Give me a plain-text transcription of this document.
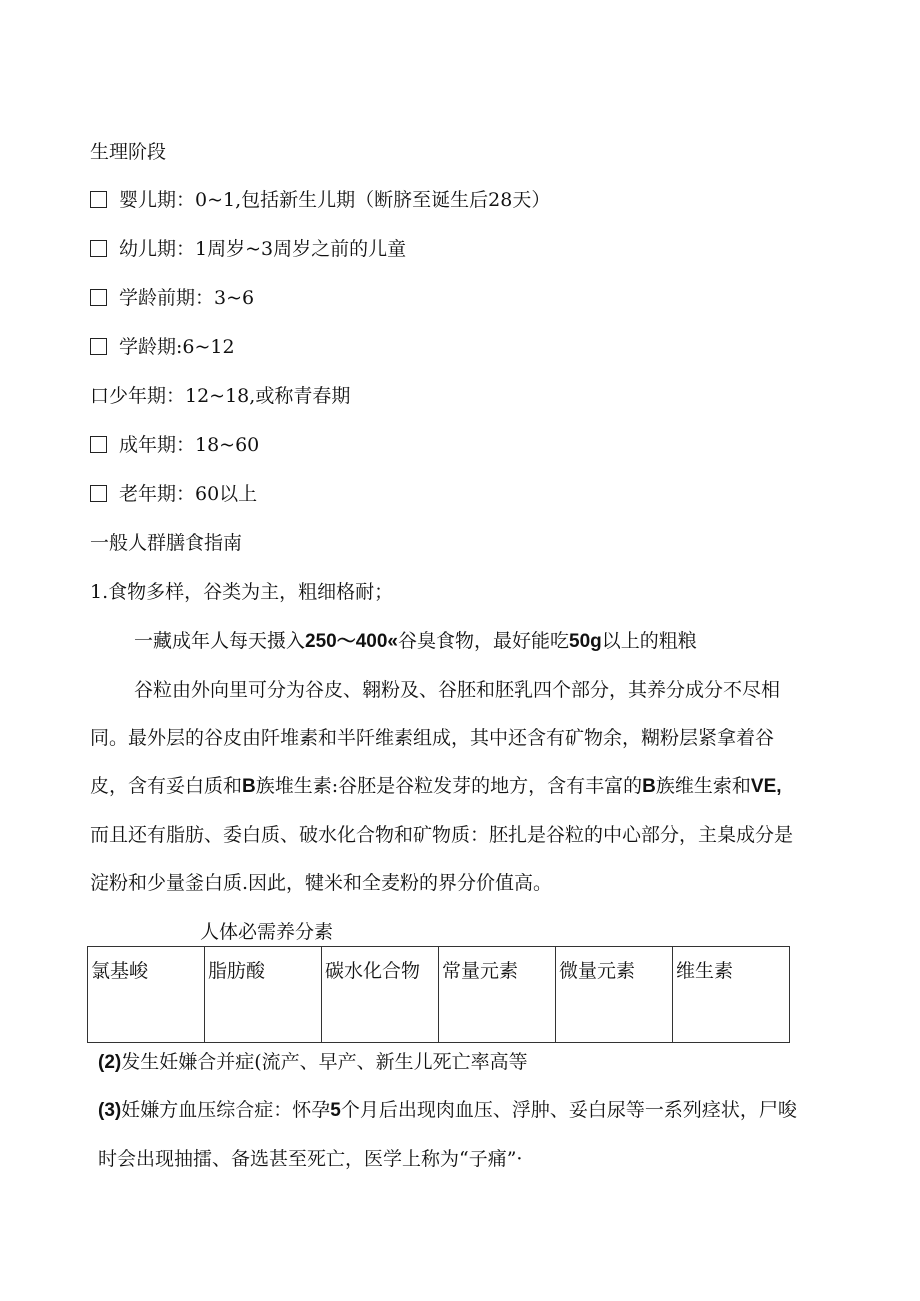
生理阶段
婴儿期：0~1,包括新生儿期（断脐至诞生后28天）
幼儿期：1周岁~3周岁之前的儿童
学龄前期：3~6
学龄期:6~12
口少年期：12~18,或称青春期
成年期：18~60
老年期：60以上
一般人群膳食指南
1.食物多样，谷类为主，粗细格耐；
一藏成年人每天摄入250〜400«谷臭食物，最好能吃50g以上的粗粮
谷粒由外向里可分为谷皮、翱粉及、谷胚和胚乳四个部分，其养分成分不尽相同。最外层的谷皮由阡堆素和半阡维素组成，其中还含有矿物余，糊粉层紧拿着谷皮，含有妥白质和B族堆生素:谷胚是谷粒发芽的地方，含有丰富的B族维生索和VE,而且还有脂肪、委白质、破水化合物和矿物质：胚扎是谷粒的中心部分，主臬成分是淀粉和少量釜白质.因此，犍米和全麦粉的界分价值高。
人体必需养分素
氯基峻	脂肪酸	碳水化合物	常量元素	微量元素	维生素
(2)发生妊嫌合并症(流产、早产、新生儿死亡率高等
(3)妊嫌方血压综合症：怀孕5个月后出现肉血压、浮肿、妥白尿等一系列痉状，尸唆时会出现抽擂、备选甚至死亡，医学上称为“子痛”·
